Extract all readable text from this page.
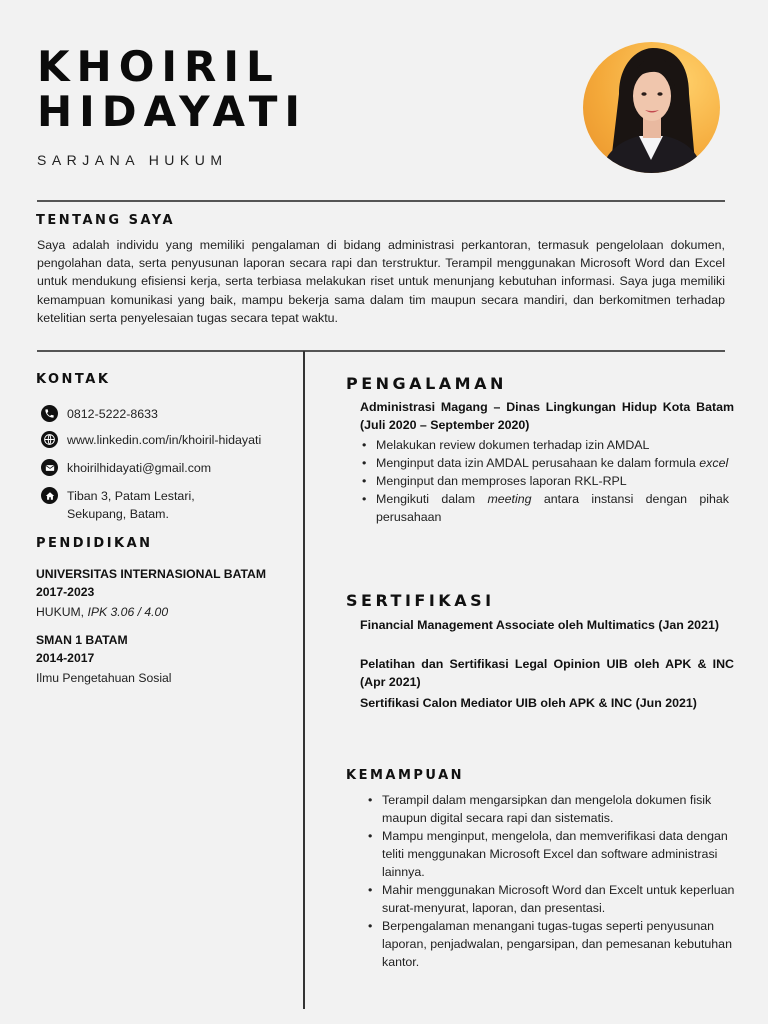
KHOIRIL
HIDAYATI
SARJANA HUKUM
TENTANG SAYA
Saya adalah individu yang memiliki pengalaman di bidang administrasi perkantoran, termasuk pengelolaan dokumen, pengolahan data, serta penyusunan laporan secara rapi dan terstruktur. Terampil menggunakan Microsoft Word dan Excel untuk mendukung efisiensi kerja, serta terbiasa melakukan riset untuk menunjang kebutuhan informasi. Saya juga memiliki kemampuan komunikasi yang baik, mampu bekerja sama dalam tim maupun secara mandiri, dan berkomitmen terhadap ketelitian serta penyelesaian tugas secara tepat waktu.
KONTAK
0812-5222-8633
www.linkedin.com/in/khoiril-hidayati
khoirilhidayati@gmail.com
Tiban 3, Patam Lestari,
Sekupang, Batam.
PENDIDIKAN
UNIVERSITAS INTERNASIONAL BATAM
2017-2023
HUKUM, IPK 3.06 / 4.00
SMAN 1 BATAM
2014-2017
Ilmu Pengetahuan Sosial
PENGALAMAN
Administrasi Magang – Dinas Lingkungan Hidup Kota Batam (Juli 2020 – September 2020)
• Melakukan review dokumen terhadap izin AMDAL
• Menginput data izin AMDAL perusahaan ke dalam formula excel
• Menginput dan memproses laporan RKL-RPL
• Mengikuti dalam meeting antara instansi dengan pihak perusahaan
SERTIFIKASI
Financial Management Associate oleh Multimatics (Jan 2021)
Pelatihan dan Sertifikasi Legal Opinion UIB oleh APK & INC (Apr 2021)
Sertifikasi Calon Mediator UIB oleh APK & INC (Jun 2021)
KEMAMPUAN
• Terampil dalam mengarsipkan dan mengelola dokumen fisik maupun digital secara rapi dan sistematis.
• Mampu menginput, mengelola, dan memverifikasi data dengan teliti menggunakan Microsoft Excel dan software administrasi lainnya.
• Mahir menggunakan Microsoft Word dan Excelt untuk keperluan surat-menyurat, laporan, dan presentasi.
• Berpengalaman menangani tugas-tugas seperti penyusunan laporan, penjadwalan, pengarsipan, dan pemesanan kebutuhan kantor.
